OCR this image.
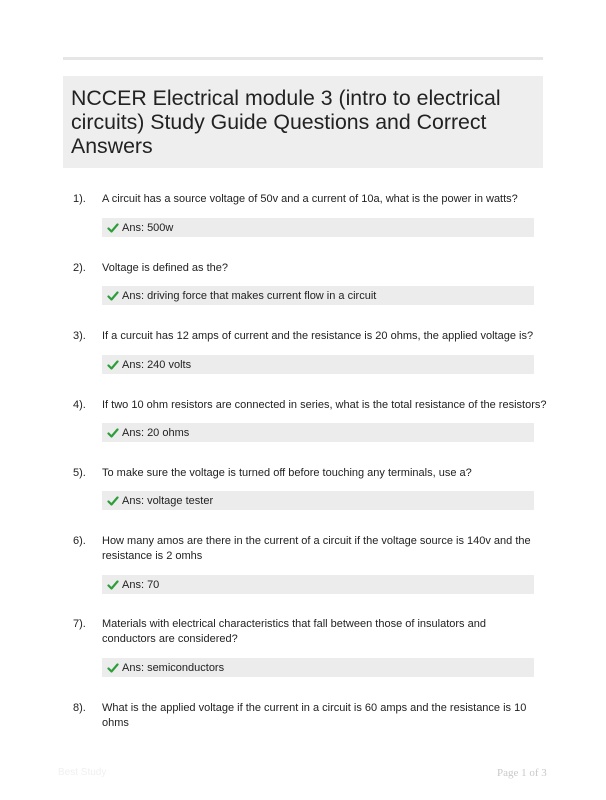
NCCER Electrical module 3 (intro to electrical circuits) Study Guide Questions and Correct Answers
1). A circuit has a source voltage of 50v and a current of 10a, what is the power in watts?
Ans: 500w
2). Voltage is defined as the?
Ans: driving force that makes current flow in a circuit
3). If a curcuit has 12 amps of current and the resistance is 20 ohms, the applied voltage is?
Ans: 240 volts
4). If two 10 ohm resistors are connected in series, what is the total resistance of the resistors?
Ans: 20 ohms
5). To make sure the voltage is turned off before touching any terminals, use a?
Ans: voltage tester
6). How many amos are there in the current of a circuit if the voltage source is 140v and the resistance is 2 omhs
Ans: 70
7). Materials with electrical characteristics that fall between those of insulators and conductors are considered?
Ans: semiconductors
8). What is the applied voltage if the current in a circuit is 60 amps and the resistance is 10 ohms
Best Study	Page 1 of 3
